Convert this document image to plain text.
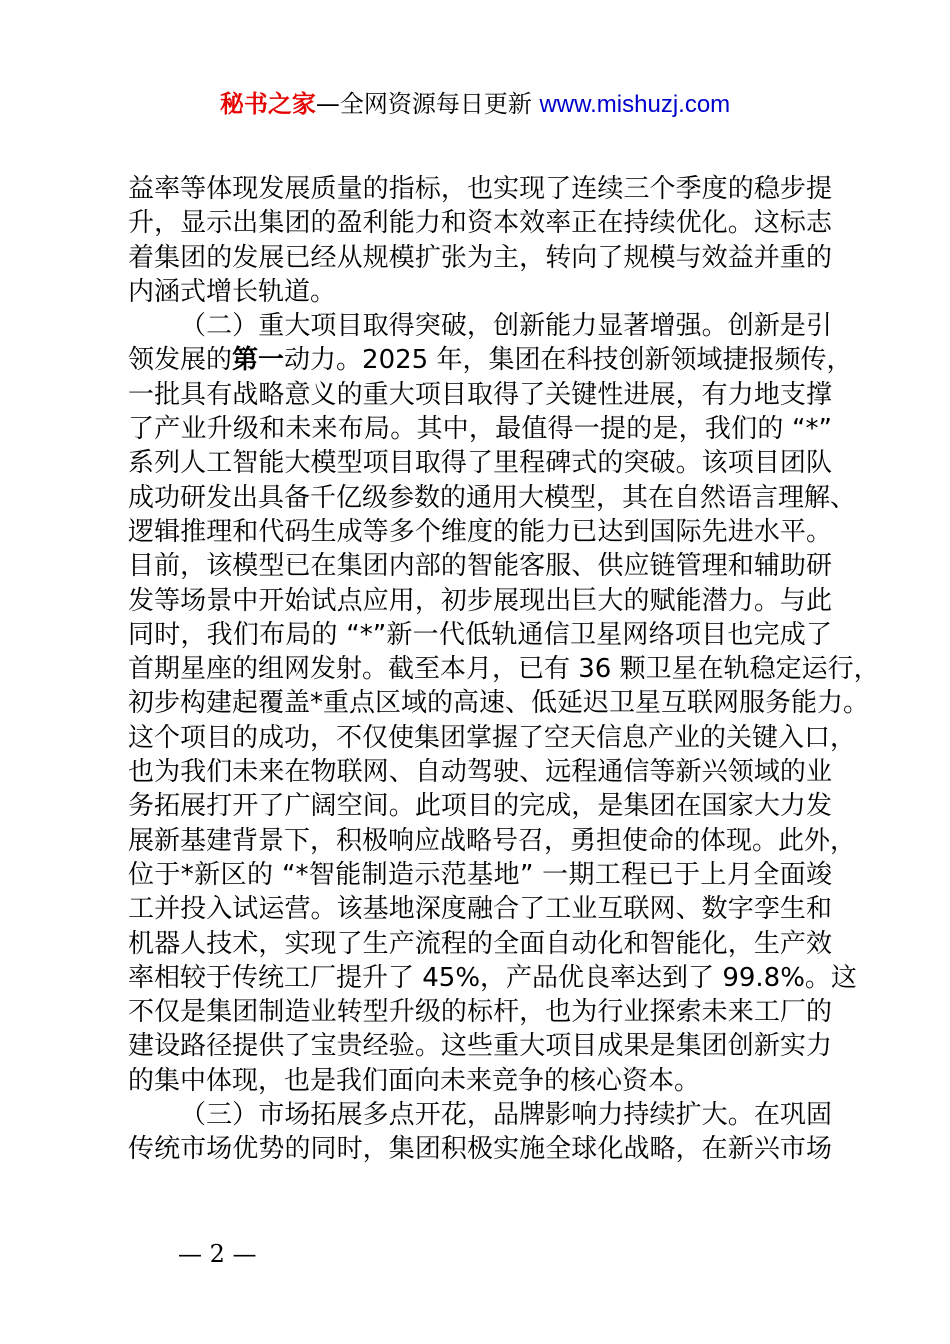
秘书之家—全网资源每日更新 www.mishuzj.com
益率等体现发展质量的指标，也实现了连续三个季度的稳步提
升，显示出集团的盈利能力和资本效率正在持续优化。这标志
着集团的发展已经从规模扩张为主，转向了规模与效益并重的
内涵式增长轨道。
（二）重大项目取得突破，创新能力显著增强。创新是引
领发展的第一动力。2025 年，集团在科技创新领域捷报频传，
一批具有战略意义的重大项目取得了关键性进展，有力地支撑
了产业升级和未来布局。其中，最值得一提的是，我们的 “*”
系列人工智能大模型项目取得了里程碑式的突破。该项目团队
成功研发出具备千亿级参数的通用大模型，其在自然语言理解、
逻辑推理和代码生成等多个维度的能力已达到国际先进水平。
目前，该模型已在集团内部的智能客服、供应链管理和辅助研
发等场景中开始试点应用，初步展现出巨大的赋能潜力。与此
同时，我们布局的 “*”新一代低轨通信卫星网络项目也完成了
首期星座的组网发射。截至本月，已有 36 颗卫星在轨稳定运行，
初步构建起覆盖*重点区域的高速、低延迟卫星互联网服务能力。
这个项目的成功，不仅使集团掌握了空天信息产业的关键入口，
也为我们未来在物联网、自动驾驶、远程通信等新兴领域的业
务拓展打开了广阔空间。此项目的完成，是集团在国家大力发
展新基建背景下，积极响应战略号召，勇担使命的体现。此外，
位于*新区的 “*智能制造示范基地” 一期工程已于上月全面竣
工并投入试运营。该基地深度融合了工业互联网、数字孪生和
机器人技术，实现了生产流程的全面自动化和智能化，生产效
率相较于传统工厂提升了 45%，产品优良率达到了 99.8%。这
不仅是集团制造业转型升级的标杆，也为行业探索未来工厂的
建设路径提供了宝贵经验。这些重大项目成果是集团创新实力
的集中体现，也是我们面向未来竞争的核心资本。
（三）市场拓展多点开花，品牌影响力持续扩大。在巩固
传统市场优势的同时，集团积极实施全球化战略，在新兴市场
— 2 —
